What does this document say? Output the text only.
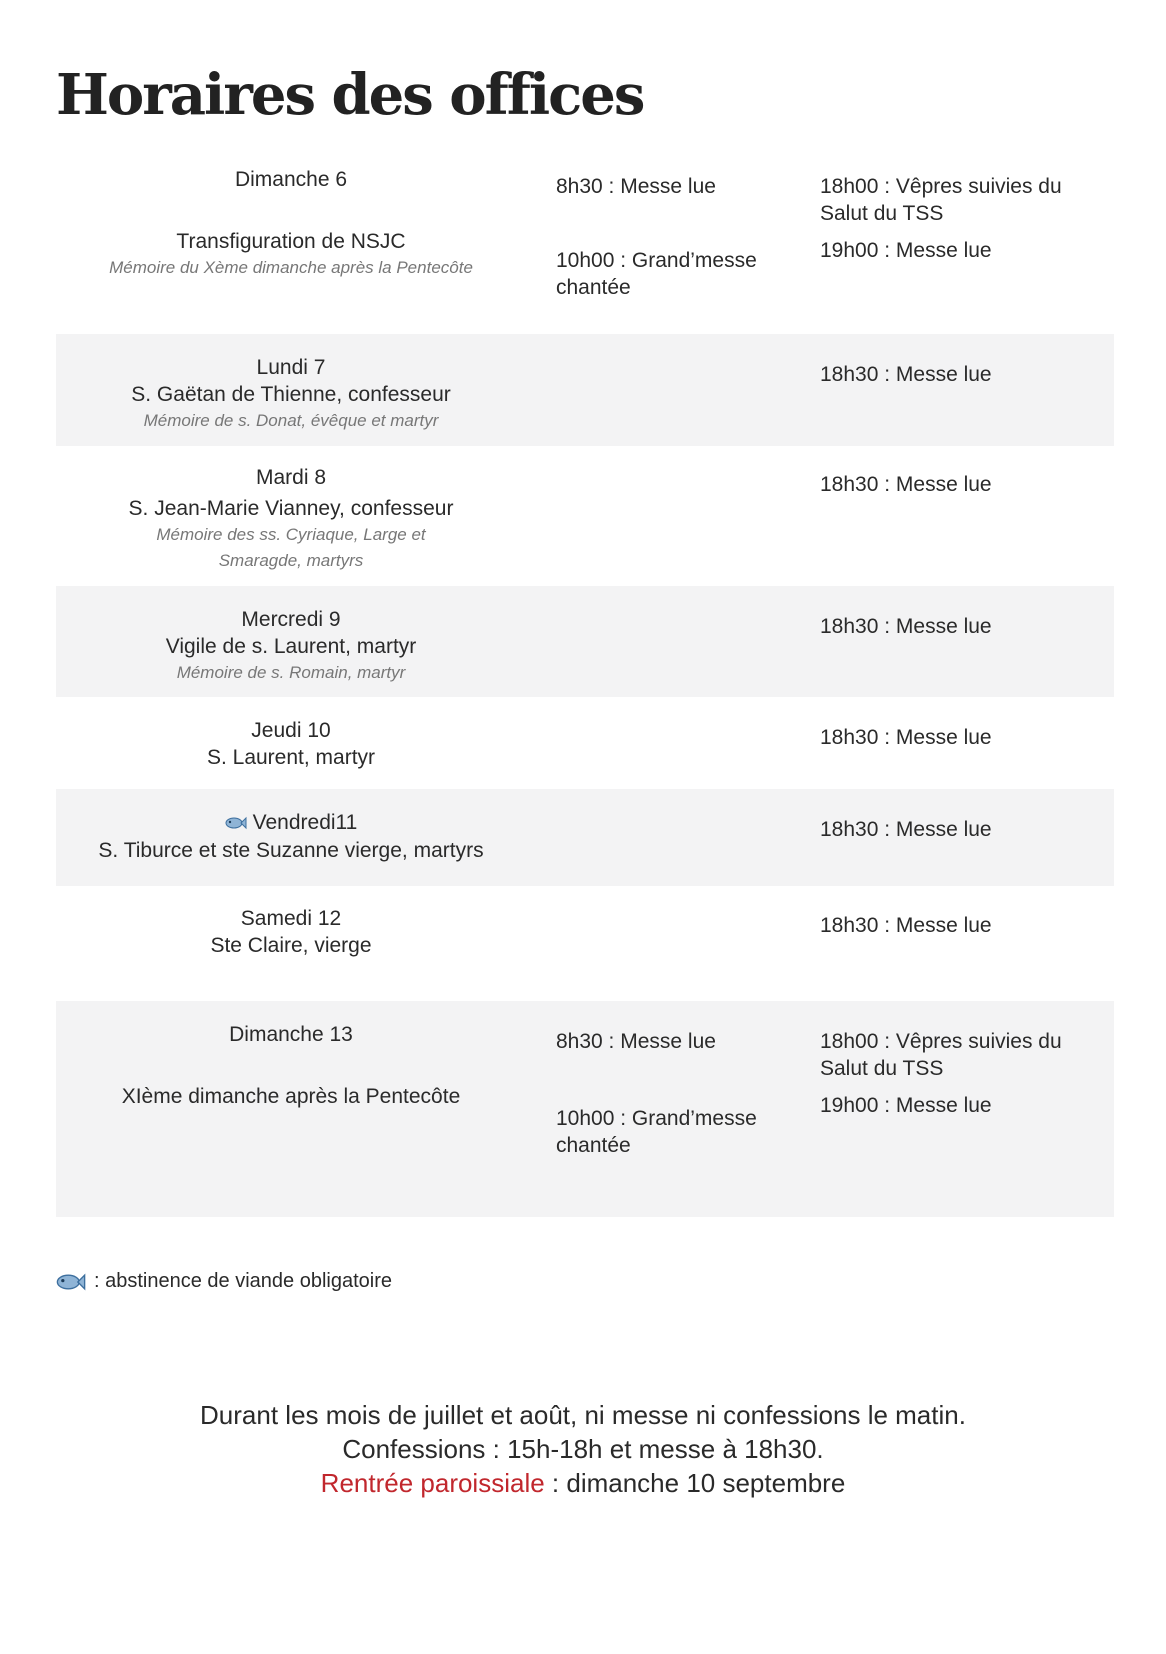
Horaires des offices
Dimanche 6
Transfiguration de NSJC
Mémoire du Xème dimanche après la Pentecôte
8h30 : Messe lue
10h00 : Grand’messe chantée
18h00 : Vêpres suivies du Salut du TSS
19h00 : Messe lue
Lundi 7
S. Gaëtan de Thienne, confesseur
Mémoire de s. Donat, évêque et martyr
18h30 : Messe lue
Mardi 8
S. Jean-Marie Vianney, confesseur
Mémoire des ss. Cyriaque, Large et Smaragde, martyrs
18h30 : Messe lue
Mercredi 9
Vigile de s. Laurent, martyr
Mémoire de s. Romain, martyr
18h30 : Messe lue
Jeudi 10
S. Laurent, martyr
18h30 : Messe lue
Vendredi11
S. Tiburce et ste Suzanne vierge, martyrs
18h30 : Messe lue
Samedi 12
Ste Claire, vierge
18h30 : Messe lue
Dimanche 13
XIème dimanche après la Pentecôte
8h30 : Messe lue
10h00 : Grand’messe chantée
18h00 : Vêpres suivies du Salut du TSS
19h00 : Messe lue
: abstinence de viande obligatoire
Durant les mois de juillet et août, ni messe ni confessions le matin.
Confessions : 15h-18h et messe à 18h30.
Rentrée paroissiale : dimanche 10 septembre
